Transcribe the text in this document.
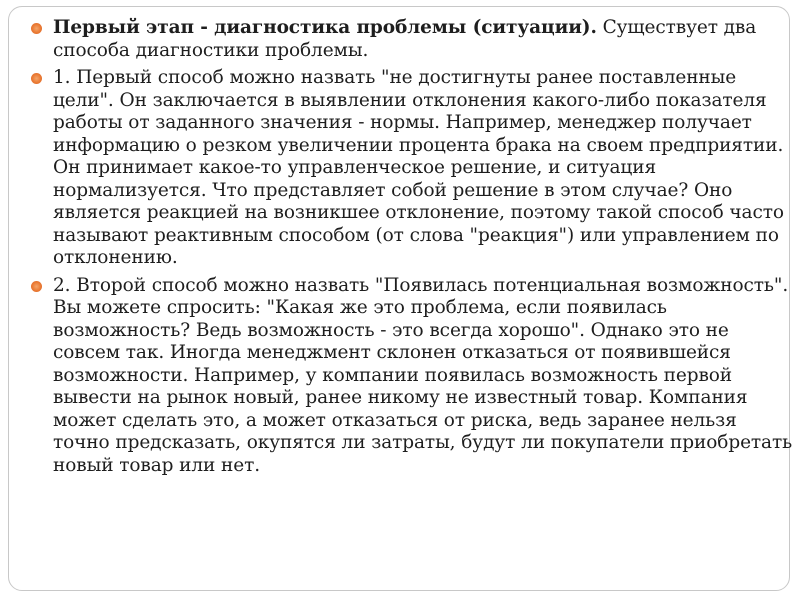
Первый этап - диагностика проблемы (ситуации). Существует два способа диагностики проблемы.

1. Первый способ можно назвать "не достигнуты ранее поставленные цели". Он заключается в выявлении отклонения какого-либо показателя работы от заданного значения - нормы. Например, менеджер получает информацию о резком увеличении процента брака на своем предприятии. Он принимает какое-то управленческое решение, и ситуация нормализуется. Что представляет собой решение в этом случае? Оно является реакцией на возникшее отклонение, поэтому такой способ часто называют реактивным способом (от слова "реакция") или управлением по отклонению.

2. Второй способ можно назвать "Появилась потенциальная возможность". Вы можете спросить: "Какая же это проблема, если появилась возможность? Ведь возможность - это всегда хорошо". Однако это не совсем так. Иногда менеджмент склонен отказаться от появившейся возможности. Например, у компании появилась возможность первой вывести на рынок новый, ранее никому не известный товар. Компания может сделать это, а может отказаться от риска, ведь заранее нельзя точно предсказать, окупятся ли затраты, будут ли покупатели приобретать новый товар или нет.
